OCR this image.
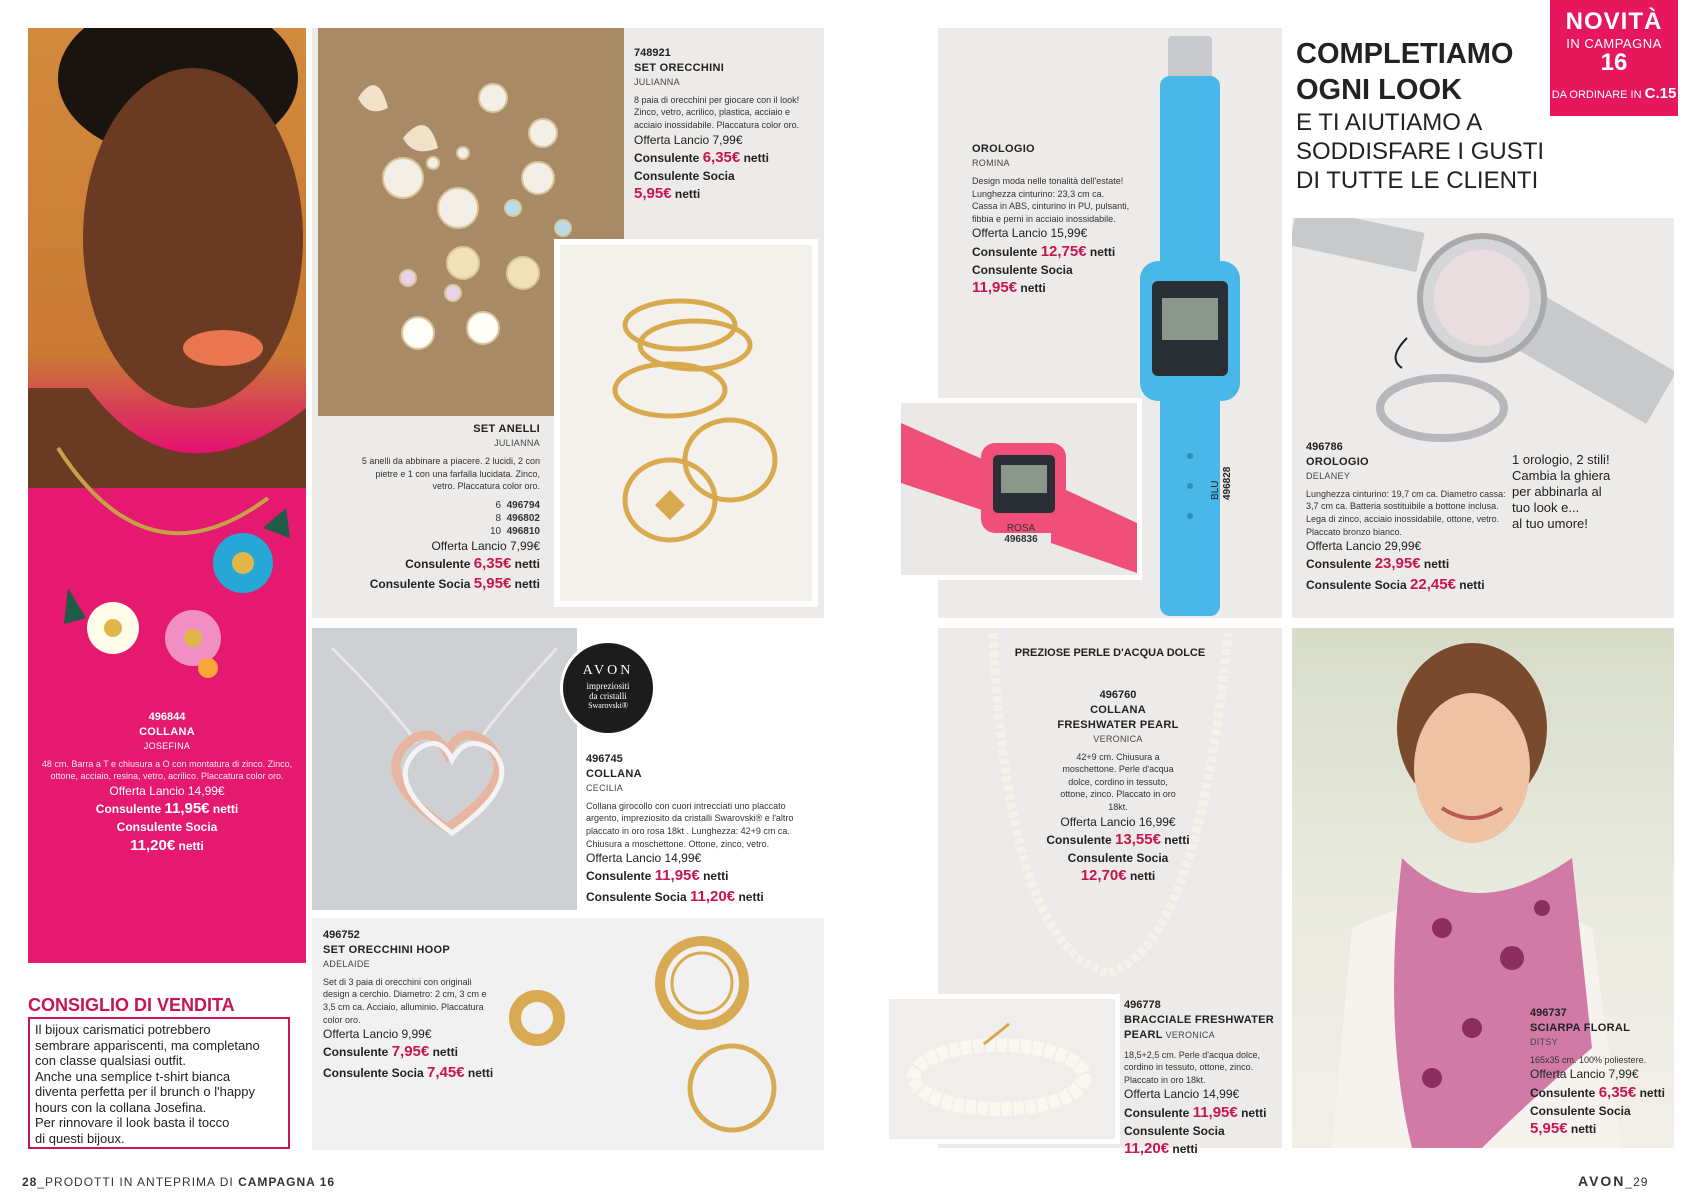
496844
COLLANA
JOSEFINA
48 cm. Barra a T e chiusura a O con montatura di zinco. Zinco, ottone, acciaio, resina, vetro, acrilico. Placcatura color oro.
Offerta Lancio 14,99€
Consulente 11,95€ netti
Consulente Socia
11,20€ netti
CONSIGLIO DI VENDITA
Il bijoux carismatici potrebbero
sembrare appariscenti, ma completano
con classe qualsiasi outfit.
Anche una semplice t-shirt bianca
diventa perfetta per il brunch o l'happy
hours con la collana Josefina.
Per rinnovare il look basta il tocco
di questi bijoux.
748921
SET ORECCHINI
JULIANNA
8 paia di orecchini per giocare con il look! Zinco, vetro, acrilico, plastica, acciaio e acciaio inossidabile. Placcatura color oro.
Offerta Lancio 7,99€
Consulente 6,35€ netti
Consulente Socia
5,95€ netti
SET ANELLI
JULIANNA
5 anelli da abbinare a piacere. 2 lucidi, 2 con pietre e 1 con una farfalla lucidata. Zinco, vetro. Placcatura color oro.
6 496794
8 496802
10 496810
Offerta Lancio 7,99€
Consulente 6,35€ netti
Consulente Socia 5,95€ netti
AVON
impreziositi
da cristalli
Swarovski®
496745
COLLANA
CECILIA
Collana girocollo con cuori intrecciati uno placcato argento, impreziosito da cristalli Swarovski® e l'altro placcato in oro rosa 18kt . Lunghezza: 42+9 cm ca. Chiusura a moschettone. Ottone, zinco, vetro.
Offerta Lancio 14,99€
Consulente 11,95€ netti
Consulente Socia 11,20€ netti
496752
SET ORECCHINI HOOP
ADELAIDE
Set di 3 paia di orecchini con originali design a cerchio. Diametro: 2 cm, 3 cm e 3,5 cm ca. Acciaio, alluminio. Placcatura color oro.
Offerta Lancio 9,99€
Consulente 7,95€ netti
Consulente Socia 7,45€ netti
28_PRODOTTI IN ANTEPRIMA DI CAMPAGNA 16
OROLOGIO
ROMINA
Design moda nelle tonalità dell'estate! Lunghezza cinturino: 23,3 cm ca. Cassa in ABS, cinturino in PU, pulsanti, fibbia e perni in acciaio inossidabile.
Offerta Lancio 15,99€
Consulente 12,75€ netti
Consulente Socia
11,95€ netti
BLU 496828
ROSA
496836
NOVITÀ
IN CAMPAGNA
16
DA ORDINARE IN C.15
COMPLETIAMO
OGNI LOOK
E TI AIUTIAMO A
SODDISFARE I GUSTI
DI TUTTE LE CLIENTI
496786
OROLOGIO
DELANEY
Lunghezza cinturino: 19,7 cm ca. Diametro cassa: 3,7 cm ca. Batteria sostituibile a bottone inclusa. Lega di zinco, acciaio inossidabile, ottone, vetro. Placcato bronzo bianco.
Offerta Lancio 29,99€
Consulente 23,95€ netti
Consulente Socia 22,45€ netti
1 orologio, 2 stili!
Cambia la ghiera
per abbinarla al
tuo look e...
al tuo umore!
PREZIOSE PERLE D'ACQUA DOLCE
496760
COLLANA
FRESHWATER PEARL
VERONICA
42+9 cm. Chiusura a moschettone. Perle d'acqua dolce, cordino in tessuto, ottone, zinco. Placcato in oro 18kt.
Offerta Lancio 16,99€
Consulente 13,55€ netti
Consulente Socia
12,70€ netti
496778
BRACCIALE FRESHWATER
PEARL VERONICA
18,5+2,5 cm. Perle d'acqua dolce, cordino in tessuto, ottone, zinco. Placcato in oro 18kt.
Offerta Lancio 14,99€
Consulente 11,95€ netti
Consulente Socia
11,20€ netti
496737
SCIARPA FLORAL
DITSY
165x35 cm. 100% poliestere.
Offerta Lancio 7,99€
Consulente 6,35€ netti
Consulente Socia
5,95€ netti
AVON_29
